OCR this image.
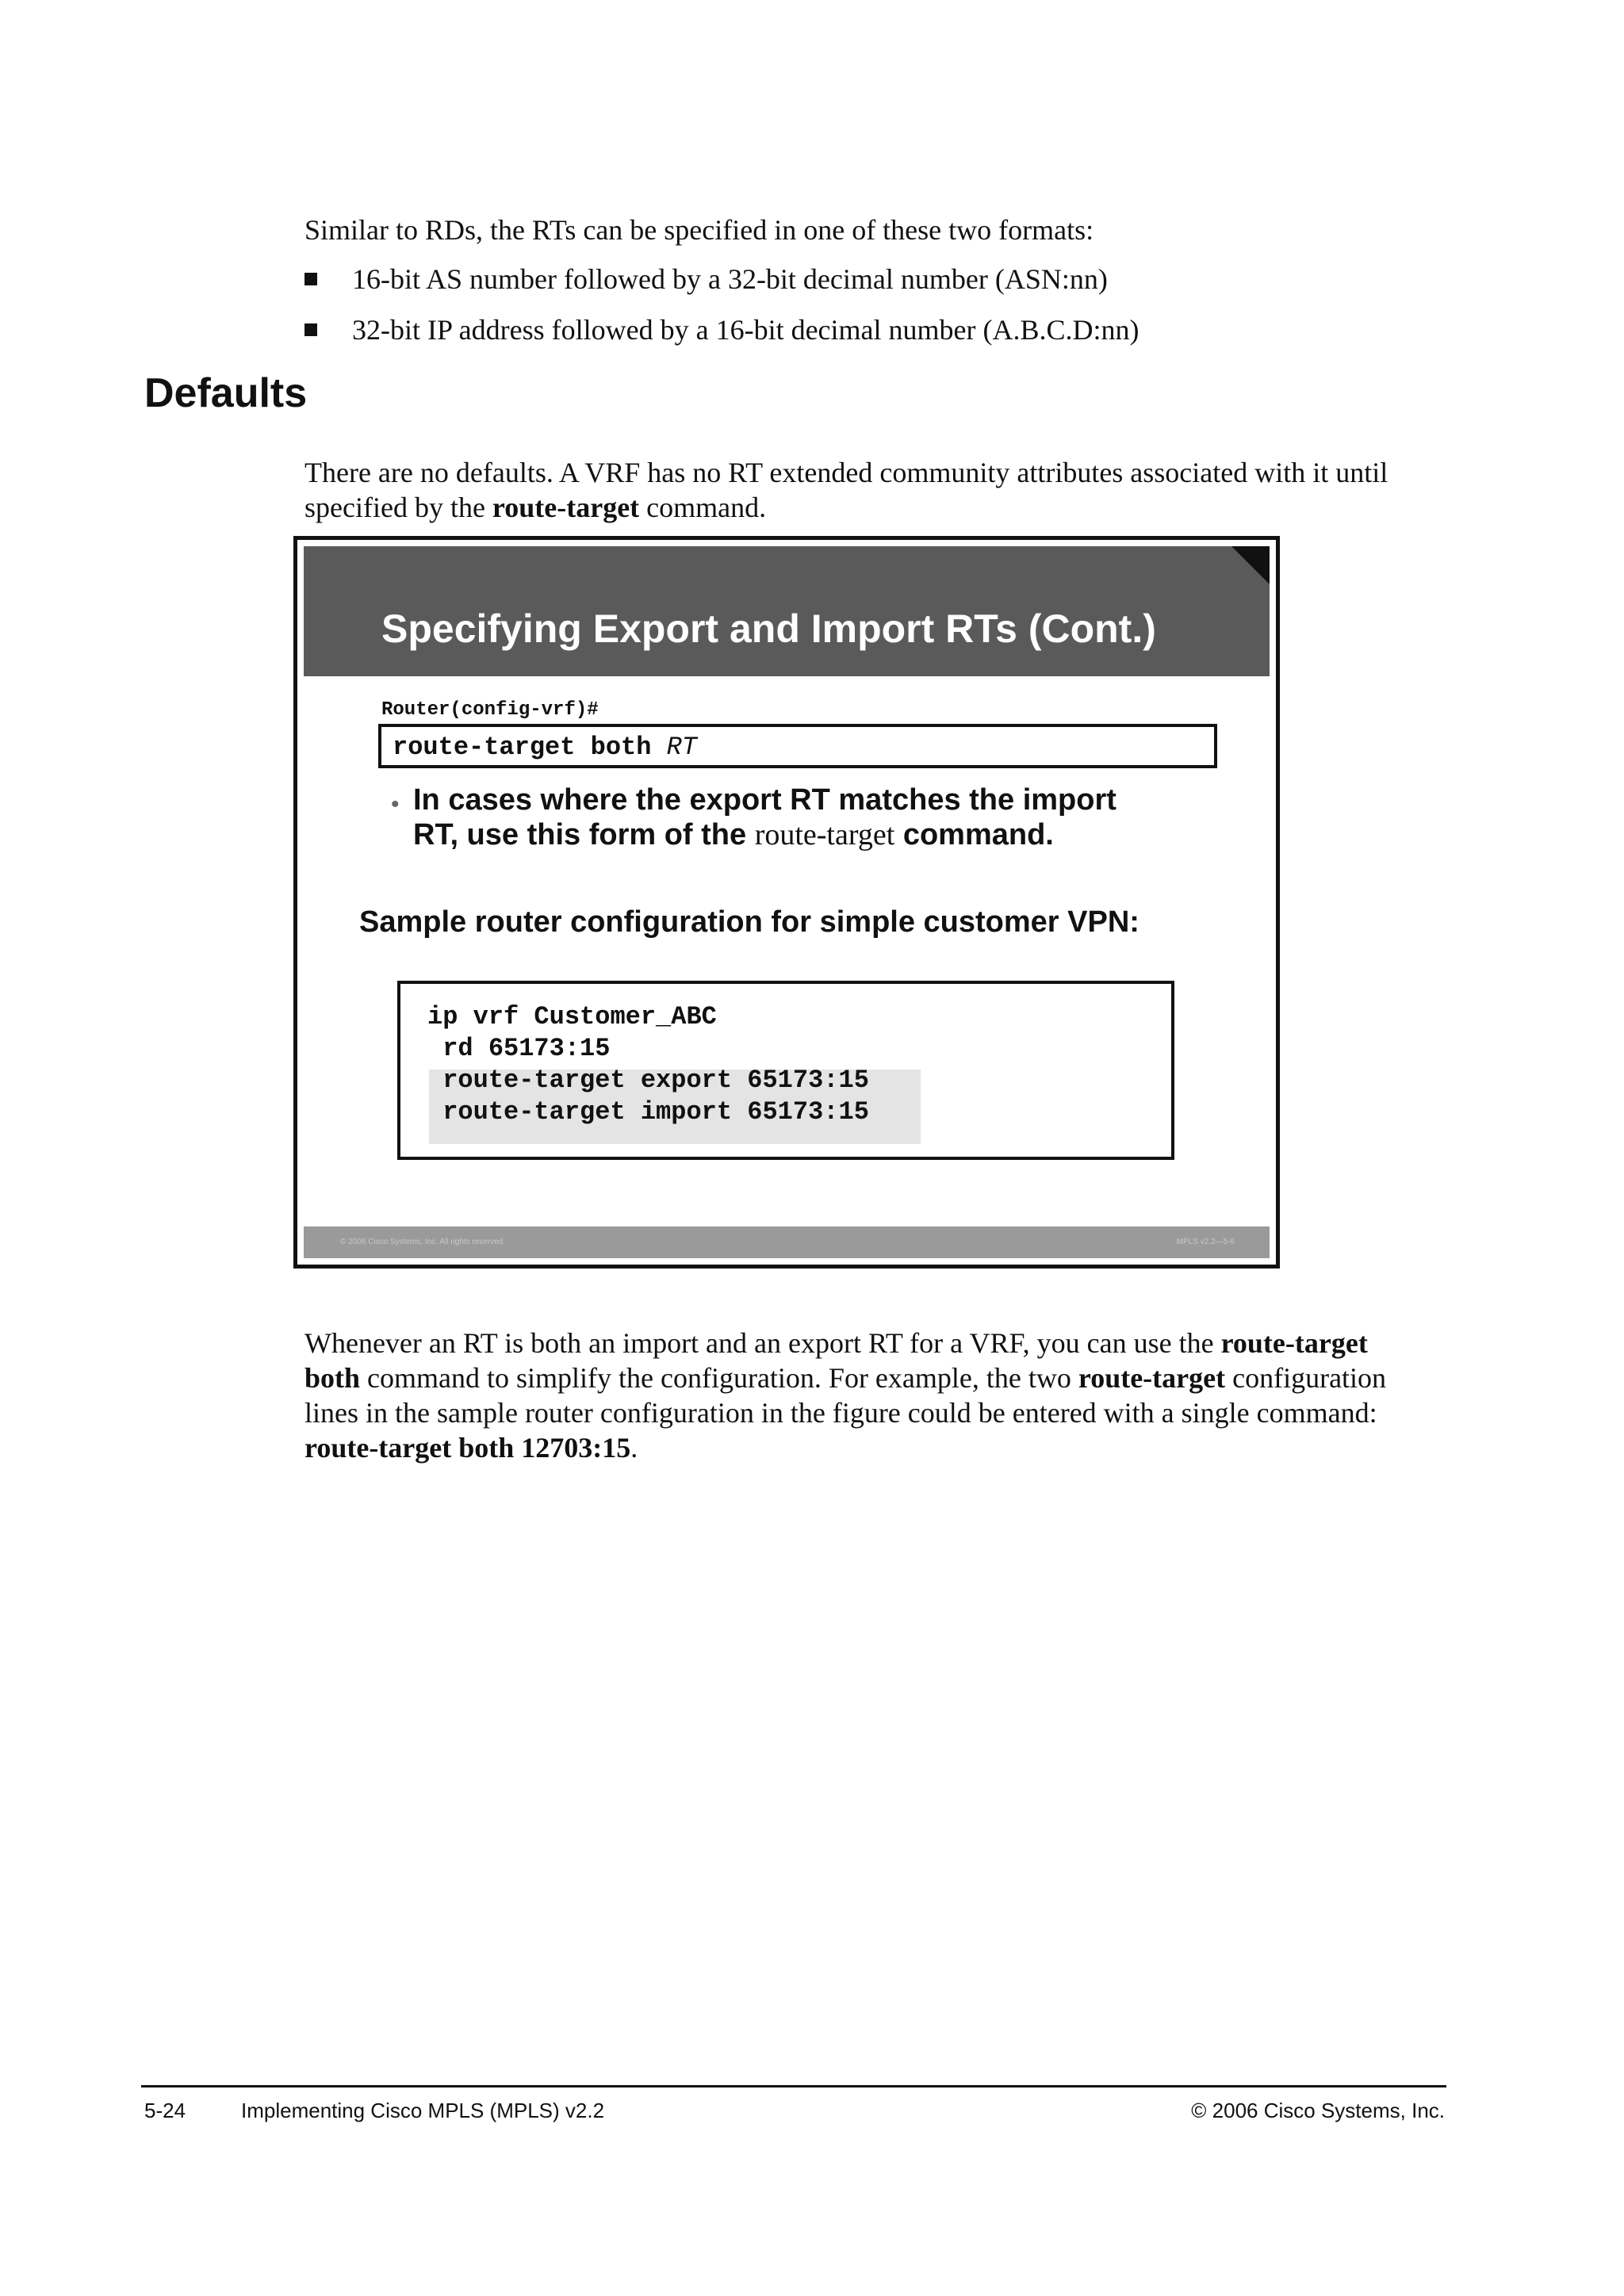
Similar to RDs, the RTs can be specified in one of these two formats:

16-bit AS number followed by a 32-bit decimal number (ASN:nn)
32-bit IP address followed by a 16-bit decimal number (A.B.C.D:nn)
Defaults

There are no defaults. A VRF has no RT extended community attributes associated with it until

specified by the route-target command.

Specifying Export and Import RTs (Cont.)
Router(config-vrf)#
route-target both RT
• In cases where the export RT matches the import
RT, use this form of the route-target command.
Sample router configuration for simple customer VPN:
ip vrf Customer_ABC
rd 65173:15
route-target export 65173:15
route-target import 65173:15
© 2006 Cisco Systems, Inc. All rights reserved.	MPLS v2.2—5-6

Whenever an RT is both an import and an export RT for a VRF, you can use the route-target

both command to simplify the configuration. For example, the two route-target configuration

lines in the sample router configuration in the figure could be entered with a single command:

route-target both 12703:15.

5-24	Implementing Cisco MPLS (MPLS) v2.2	© 2006 Cisco Systems, Inc.
